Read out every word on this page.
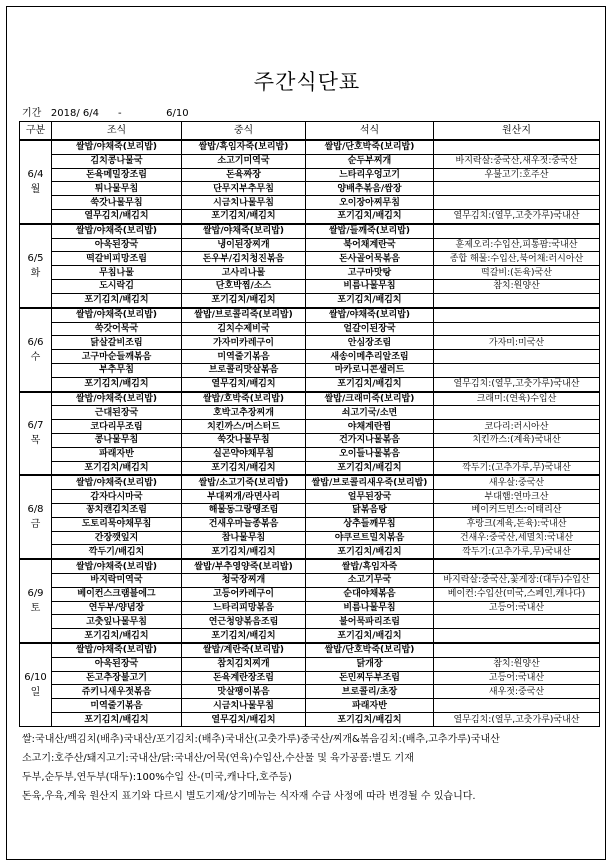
주간식단표
기간 2018/ 6/4 -	6/10
구분	조식	중식	석식	원산지

6/4
월	쌀밥/야채죽(보리밥)	쌀밥/흑임자죽(보리밥)	쌀밥/단호박죽(보리밥)	
	김치콩나물국	소고기미역국	순두부찌개	바지락살:중국산,새우젓:중국산
	돈육메밀장조림	돈육짜장	느타리우엉고기	우불고기:호주산
	튀나물무침	단무지부추무침	양배추볶음/쌈장	
	쑥갓나물무침	시금치나물무침	오이장아찌무침	
	열무김치/배김치	포기김치/배김치	포기김치/배김치	열무김치:(열무,고춧가루)국내산

6/5
화	쌀밥/야채죽(보리밥)	쌀밥/야채죽(보리밥)	쌀밥/들깨죽(보리밥)	
	아욱된장국	냉이된장찌개	북어채계란국	훈제오리:수입산,피통팜:국내산
	떡갈비피망조림	돈우부/김치청진볶음	돈사골어묵볶음	종합 해물:수입산,북어채:러시아산
	무침나물	고사리나물	고구마맛탕	떡갈비:(돈육)국산
	도시락김	단호박찜/소스	비름나물무침	참치:원양산
	포기김치/배김치	포기김치/배김치	포기김치/배김치	

6/6
수	쌀밥/야채죽(보리밥)	쌀밥/브로콜리죽(보리밥)	쌀밥/야채죽(보리밥)	
	쑥갓어묵국	김치수제비국	얼갈이된장국	
	닭살갈비조림	가자미카레구이	안심장조림	가자미:미국산
	고구마순들깨볶음	미역줄기볶음	새송이메추리알조림	
	부추무침	브로콜리맛살볶음	마카로니콘샐러드	
	포기김치/배김치	열무김치/배김치	포기김치/배김치	열무김치:(열무,고춧가루)국내산

6/7
목	쌀밥/야채죽(보리밥)	쌀밥/호박죽(보리밥)	쌀밥/크래미죽(보리밥)	크래미:(연육)수입산
	근대된장국	호박고추장찌개	쇠고기국/소면	
	코다리무조림	치킨까스/머스터드	야채계란찜	코다리:러시아산
	콩나물무침	쑥갓나물무침	건가지나물볶음	치킨까스:(계육)국내산
	파래자반	실곤약야채무침	오이들나물볶음	
	포기김치/배김치	포기김치/배김치	포기김치/배김치	깍두기:(고추가루,무)국내산

6/8
금	쌀밥/야채죽(보리밥)	쌀밥/소고기죽(보리밥)	쌀밥/브로콜리새우죽(보리밥)	새우살:중국산
	감자다시마국	부대찌개/라면사리	얼무된장국	부대햄:연마크산
	꽁치캔김치조림	해물동그랑땡조림	닭볶음탕	베이커드빈스:이태리산
	도토리묵야채무침	건새우마늘종볶음	상추들깨무침	후랑크(계육,돈육):국내산
	간장깻잎지	참나물무침	야쿠르트밀치볶음	건새우:중국산,세멸치:국내산
	깍두기/배김치	포기김치/배김치	포기김치/배김치	깍두기:(고추가루,무)국내산

6/9
토	쌀밥/야채죽(보리밥)	쌀밥/부추영양죽(보리밥)	쌀밥/흑임자죽	
	바지락미역국	청국장찌개	소고기무국	바지락살:중국산,꽃게장:(대두)수입산
	베이컨스크램블에그	고등어카레구이	순대야채볶음	베이컨:수입산(미국,스페인,캐나다)
	연두부/양념장	느타리피망볶음	비름나물무침	고등어:국내산
	고춧잎나물무침	연근청양볶음조림	불어묵파리조림	
	포기김치/배김치	포기김치/배김치	포기김치/배김치	

6/10
일	쌀밥/야채죽(보리밥)	쌀밥/계란죽(보리밥)	쌀밥/단호박죽(보리밥)	
	아욱된장국	참치김치찌개	닭개장	참치:원양산
	돈고추장불고기	돈육계란장조림	돈민찌두부조림	고등어:국내산
	쥬키니새우젓볶음	맛살팽이볶음	브로콜리/초장	새우젓:중국산
	미역줄기볶음	시금치나물무침	파래자반	
	포기김치/배김치	열무김치/배김치	포기김치/배김치	열무김치:(열무,고춧가루)국내산
쌀:국내산/백김치(배추)국내산/포기김치:(배추)국내산(고춧가루)중국산/찌개&볶음김치:(배추,고추가루)국내산
소고기:호주산/돼지고기:국내산/닭:국내산/어묵(연육)수입산,수산물 및 육가공품:별도 기재
두부,순두부,연두부(대두):100%수입 산-(미국,캐나다,호주등)
돈육,우육,계육 원산지 표기와 다르시 별도기재/상기메뉴는 식자재 수급 사정에 따라 변경될 수 있습니다.
